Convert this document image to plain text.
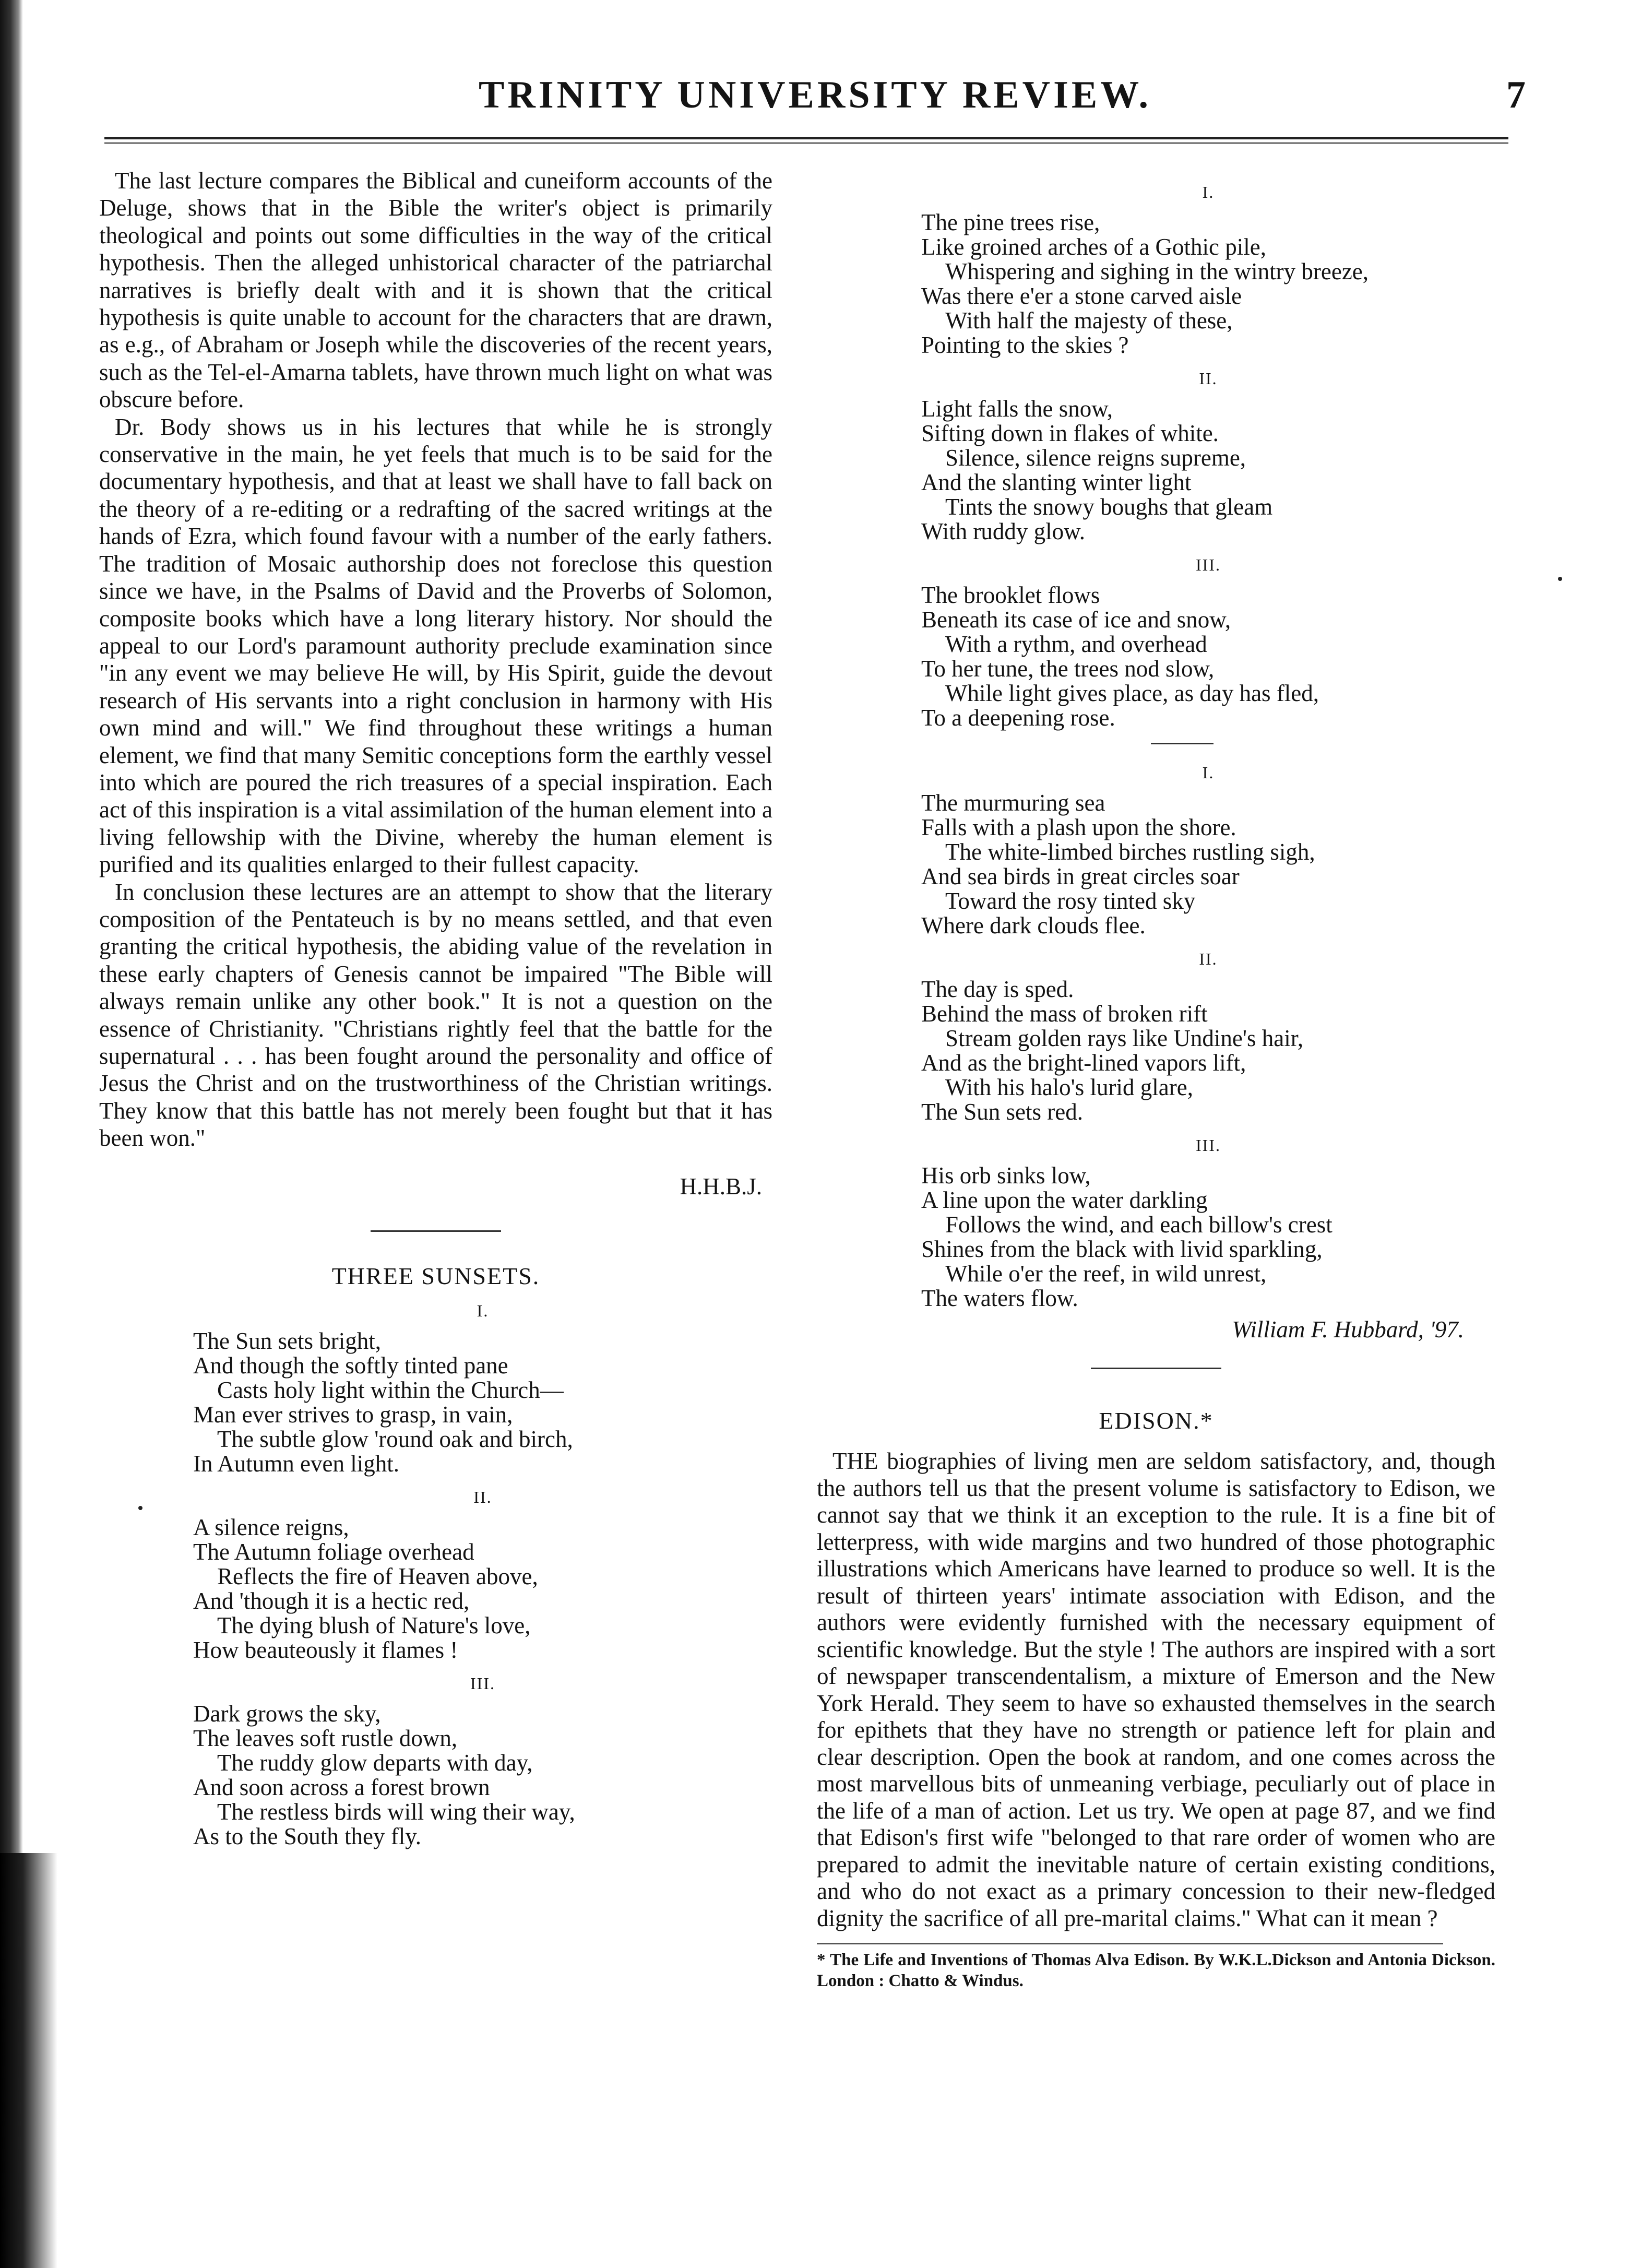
TRINITY UNIVERSITY REVIEW.	7

The last lecture compares the Biblical and cuneiform accounts of the Deluge, shows that in the Bible the writer's object is primarily theological and points out some difficulties in the way of the critical hypothesis. Then the alleged unhistorical character of the patriarchal narratives is briefly dealt with and it is shown that the critical hypothesis is quite unable to account for the characters that are drawn, as e.g., of Abraham or Joseph while the discoveries of the recent years, such as the Tel-el-Amarna tablets, have thrown much light on what was obscure before.

Dr. Body shows us in his lectures that while he is strongly conservative in the main, he yet feels that much is to be said for the documentary hypothesis, and that at least we shall have to fall back on the theory of a re-editing or a redrafting of the sacred writings at the hands of Ezra, which found favour with a number of the early fathers. The tradition of Mosaic authorship does not foreclose this question since we have, in the Psalms of David and the Proverbs of Solomon, composite books which have a long literary history. Nor should the appeal to our Lord's paramount authority preclude examination since "in any event we may believe He will, by His Spirit, guide the devout research of His servants into a right conclusion in harmony with His own mind and will." We find throughout these writings a human element, we find that many Semitic conceptions form the earthly vessel into which are poured the rich treasures of a special inspiration. Each act of this inspiration is a vital assimilation of the human element into a living fellowship with the Divine, whereby the human element is purified and its qualities enlarged to their fullest capacity.

In conclusion these lectures are an attempt to show that the literary composition of the Pentateuch is by no means settled, and that even granting the critical hypothesis, the abiding value of the revelation in these early chapters of Genesis cannot be impaired "The Bible will always remain unlike any other book." It is not a question on the essence of Christianity. "Christians rightly feel that the battle for the supernatural . . . has been fought around the personality and office of Jesus the Christ and on the trustworthiness of the Christian writings. They know that this battle has not merely been fought but that it has been won."

H.H.B.J.
THREE SUNSETS.
I.
The Sun sets bright,
And though the softly tinted pane
Casts holy light within the Church—
Man ever strives to grasp, in vain,
The subtle glow 'round oak and birch,
In Autumn even light.
II.
A silence reigns,
The Autumn foliage overhead
Reflects the fire of Heaven above,
And 'though it is a hectic red,
The dying blush of Nature's love,
How beauteously it flames !
III.
Dark grows the sky,
The leaves soft rustle down,
The ruddy glow departs with day,
And soon across a forest brown
The restless birds will wing their way,
As to the South they fly.
I.
The pine trees rise,
Like groined arches of a Gothic pile,
Whispering and sighing in the wintry breeze,
Was there e'er a stone carved aisle
With half the majesty of these,
Pointing to the skies ?
II.
Light falls the snow,
Sifting down in flakes of white.
Silence, silence reigns supreme,
And the slanting winter light
Tints the snowy boughs that gleam
With ruddy glow.
III.
The brooklet flows
Beneath its case of ice and snow,
With a rythm, and overhead
To her tune, the trees nod slow,
While light gives place, as day has fled,
To a deepening rose.
I.
The murmuring sea
Falls with a plash upon the shore.
The white-limbed birches rustling sigh,
And sea birds in great circles soar
Toward the rosy tinted sky
Where dark clouds flee.
II.
The day is sped.
Behind the mass of broken rift
Stream golden rays like Undine's hair,
And as the bright-lined vapors lift,
With his halo's lurid glare,
The Sun sets red.
III.
His orb sinks low,
A line upon the water darkling
Follows the wind, and each billow's crest
Shines from the black with livid sparkling,
While o'er the reef, in wild unrest,
The waters flow.
William F. Hubbard, '97.
EDISON.*

THE biographies of living men are seldom satisfactory, and, though the authors tell us that the present volume is satisfactory to Edison, we cannot say that we think it an exception to the rule. It is a fine bit of letterpress, with wide margins and two hundred of those photographic illustrations which Americans have learned to produce so well. It is the result of thirteen years' intimate association with Edison, and the authors were evidently furnished with the necessary equipment of scientific knowledge. But the style ! The authors are inspired with a sort of newspaper transcendentalism, a mixture of Emerson and the New York Herald. They seem to have so exhausted themselves in the search for epithets that they have no strength or patience left for plain and clear description. Open the book at random, and one comes across the most marvellous bits of unmeaning verbiage, peculiarly out of place in the life of a man of action. Let us try. We open at page 87, and we find that Edison's first wife "belonged to that rare order of women who are prepared to admit the inevitable nature of certain existing conditions, and who do not exact as a primary concession to their new-fledged dignity the sacrifice of all pre-marital claims." What can it mean ?

* The Life and Inventions of Thomas Alva Edison. By W.K.L.Dickson and Antonia Dickson. London : Chatto & Windus.
